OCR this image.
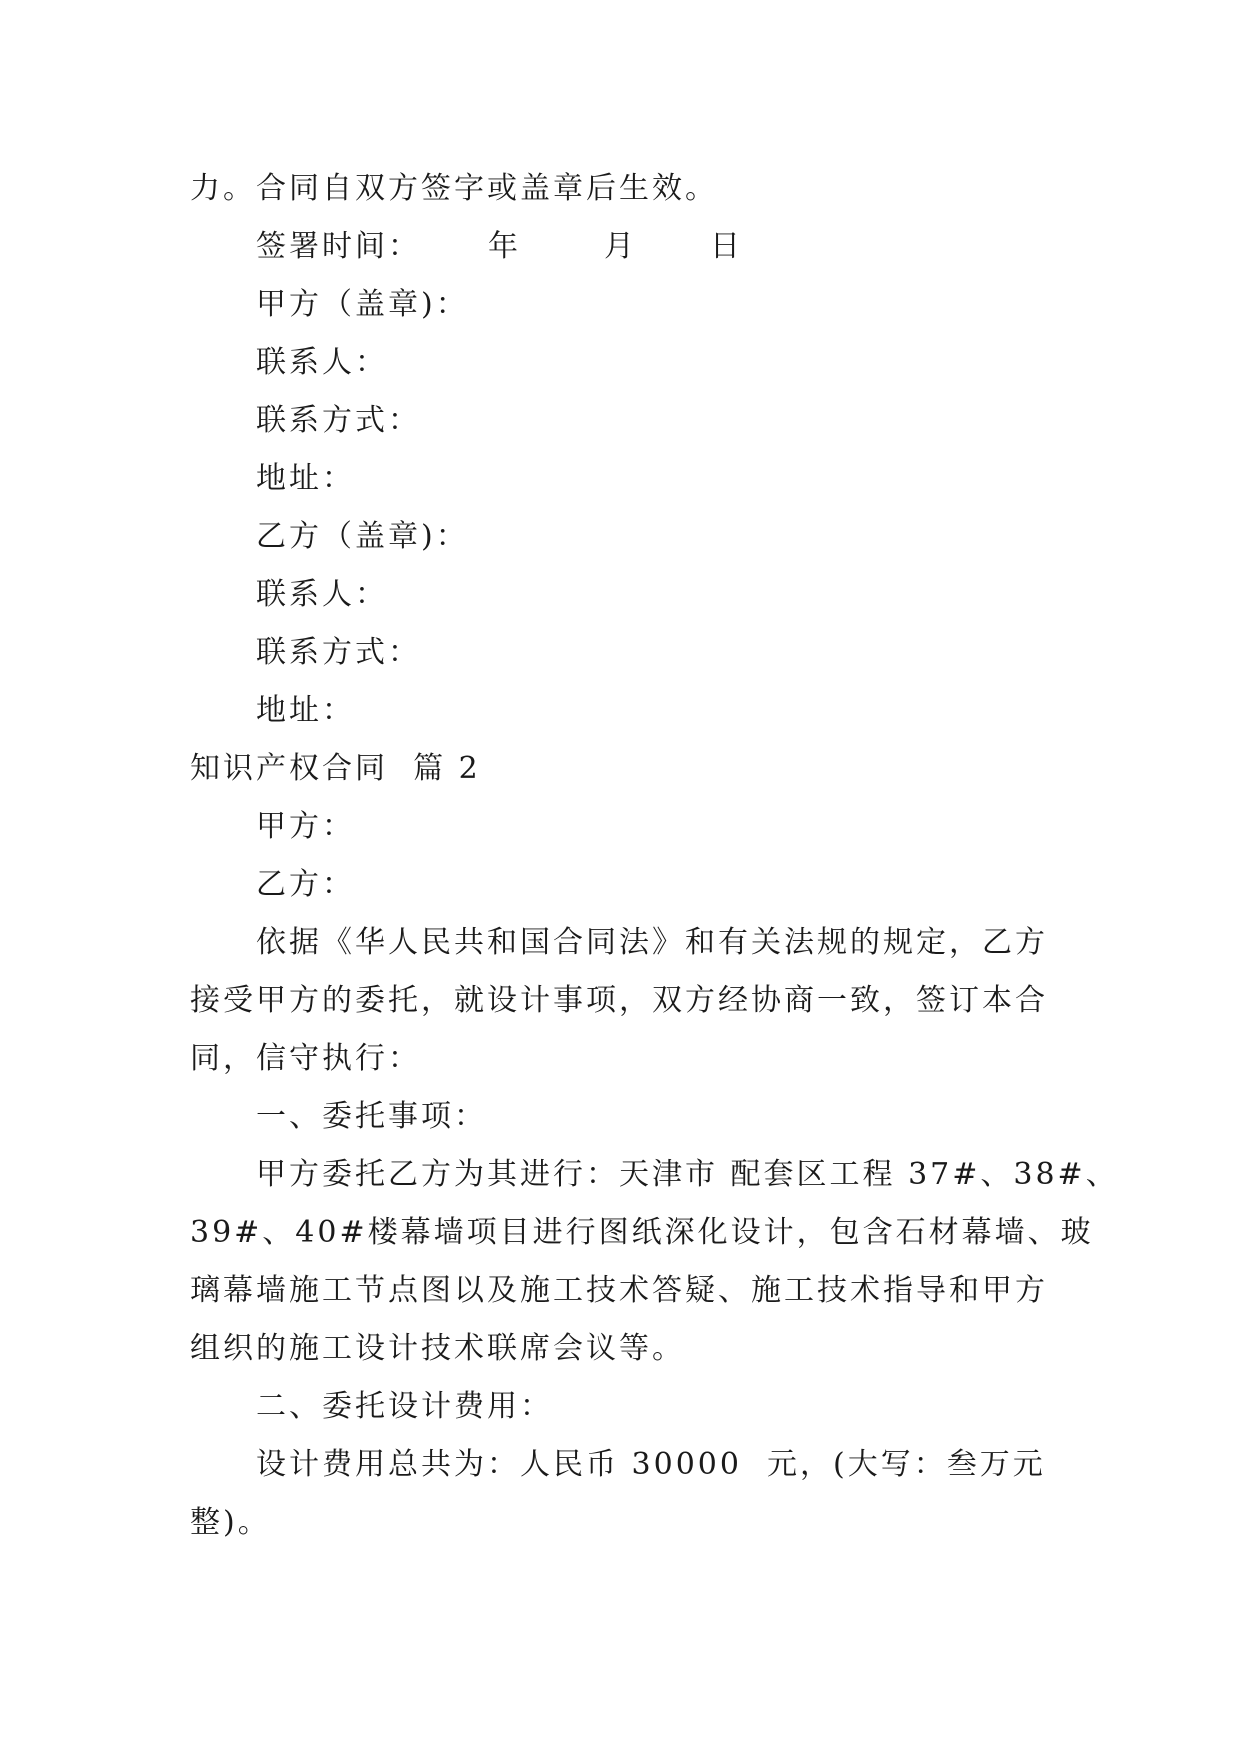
力。合同自双方签字或盖章后生效。
签署时间：	年	月	日
甲方（盖章)：
联系人：
联系方式：
地址：
乙方（盖章)：
联系人：
联系方式：
地址：
知识产权合同  篇 2
甲方：
乙方：
依据《华人民共和国合同法》和有关法规的规定，乙方
接受甲方的委托，就设计事项，双方经协商一致，签订本合
同，信守执行：
一、委托事项：
甲方委托乙方为其进行：天津市 配套区工程 37#、38#、
39#、40#楼幕墙项目进行图纸深化设计，包含石材幕墙、玻
璃幕墙施工节点图以及施工技术答疑、施工技术指导和甲方
组织的施工设计技术联席会议等。
二、委托设计费用：
设计费用总共为：人民币 30000  元，(大写：叁万元
整)。
